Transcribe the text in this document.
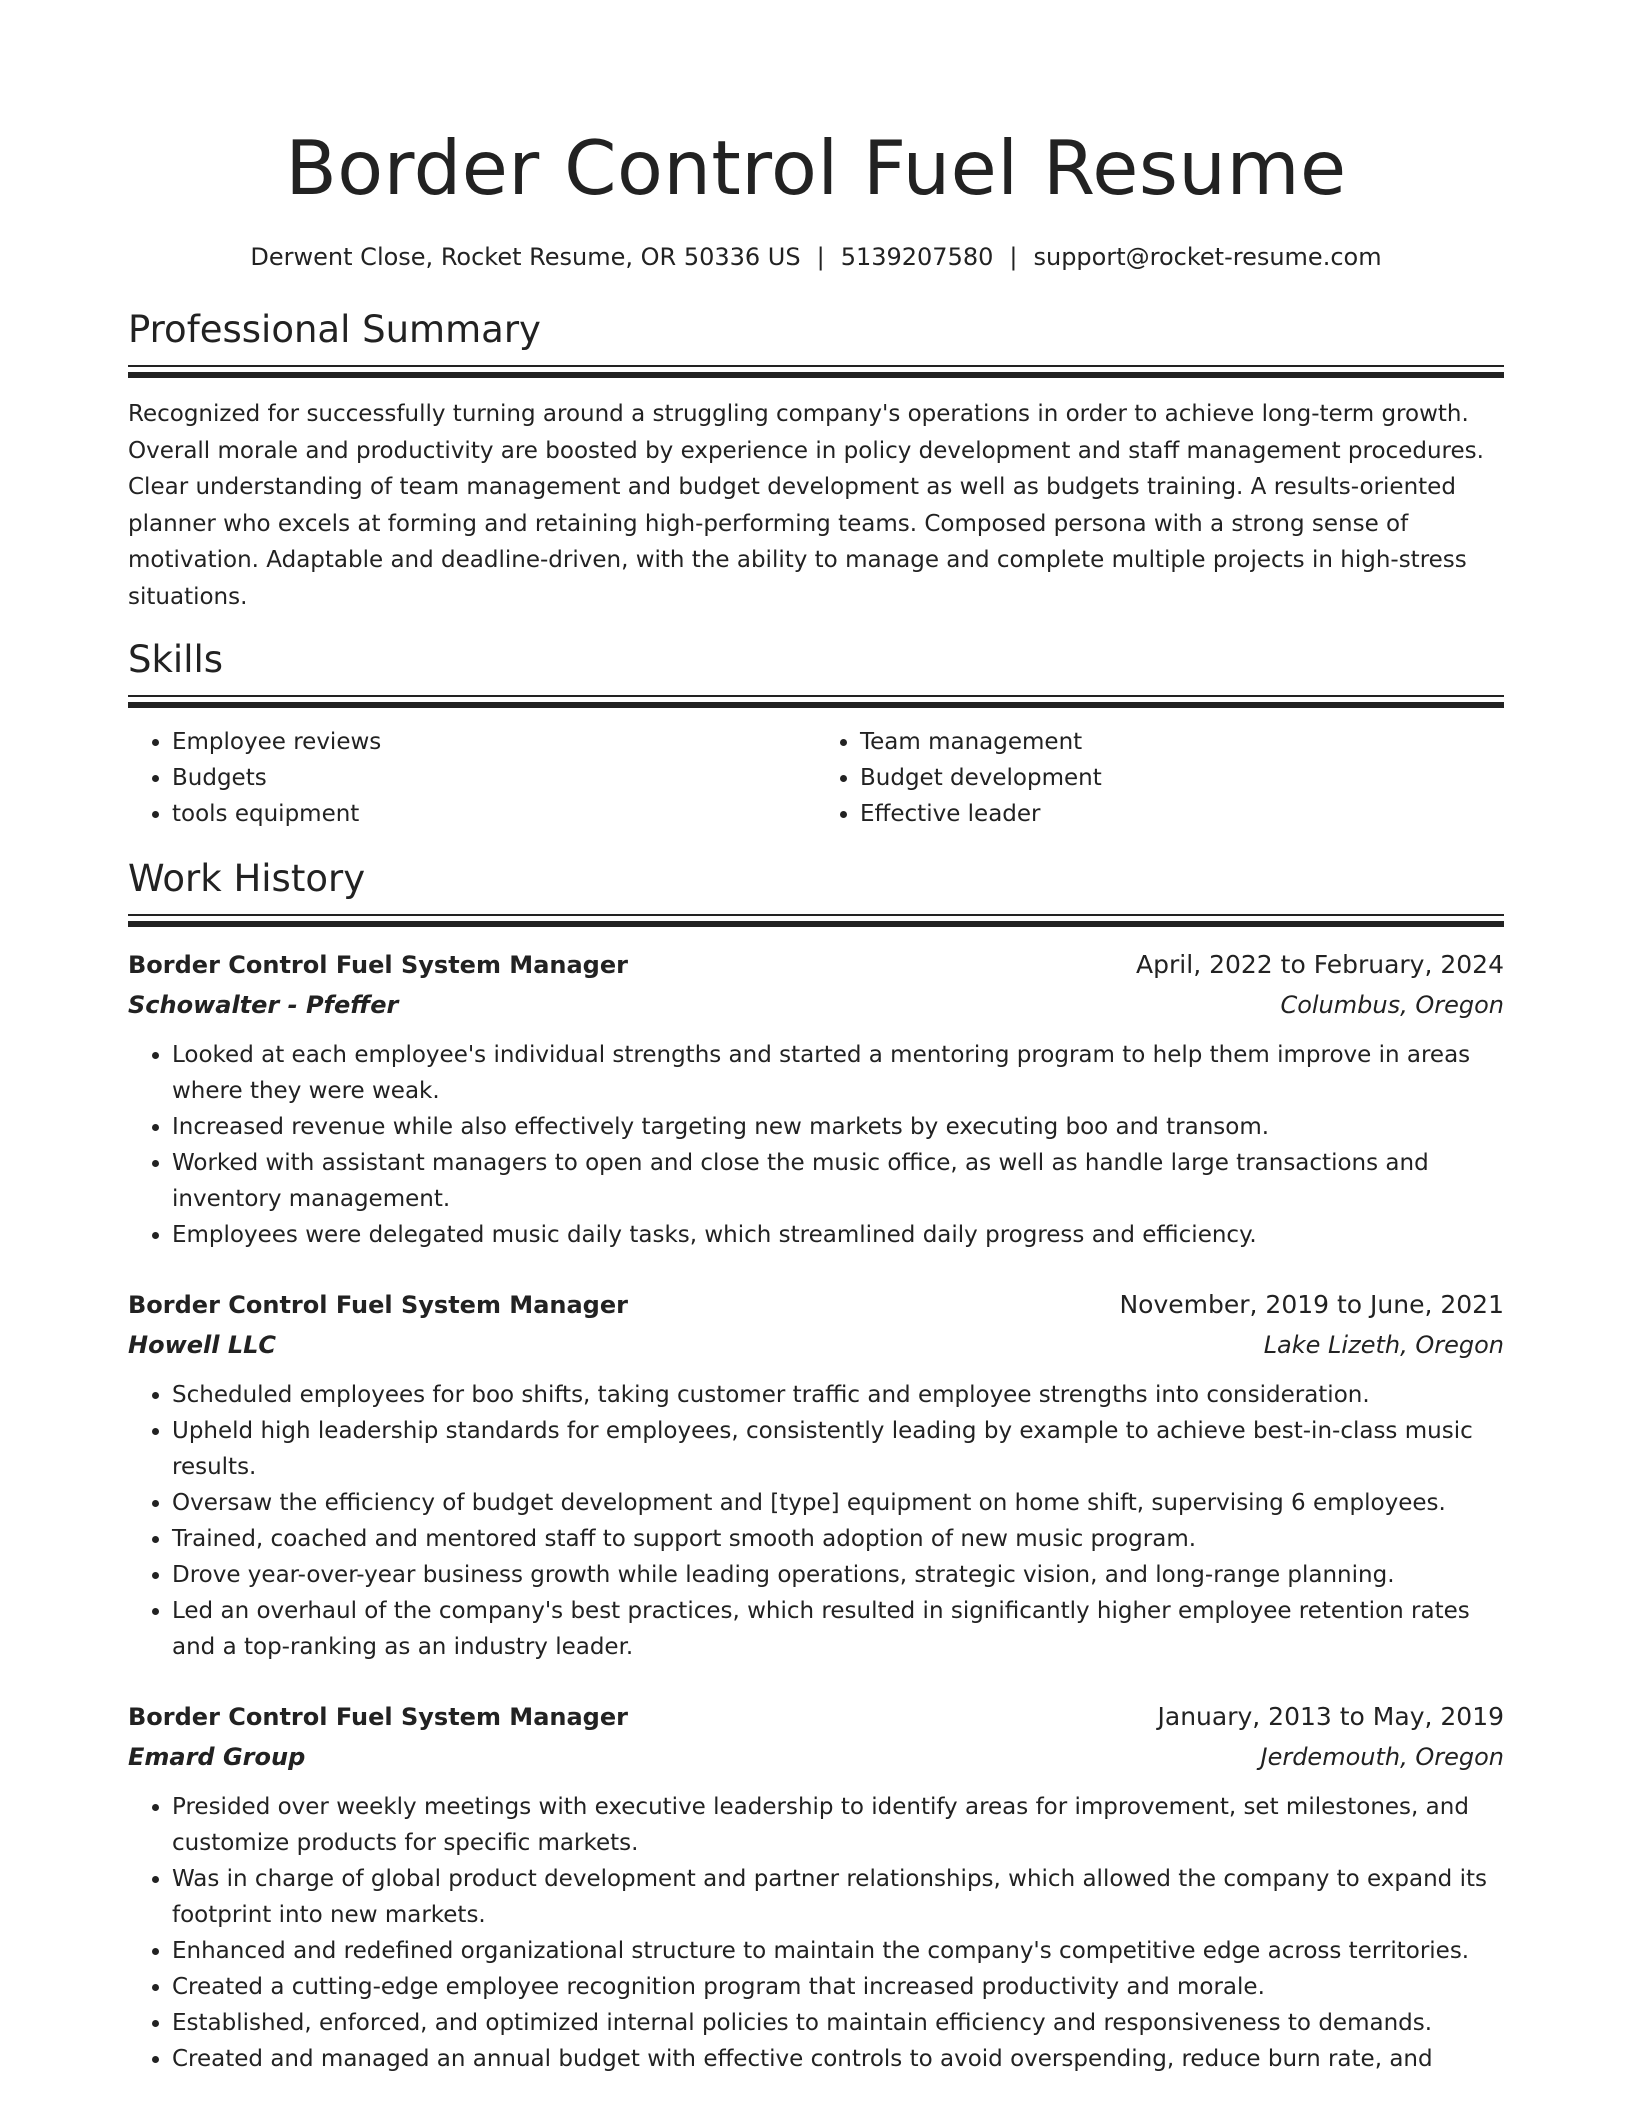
Border Control Fuel Resume
Derwent Close, Rocket Resume, OR 50336 US | 5139207580 | support@rocket-resume.com
Professional Summary

Recognized for successfully turning around a struggling company's operations in order to achieve long-term growth. Overall morale and productivity are boosted by experience in policy development and staff management procedures. Clear understanding of team management and budget development as well as budgets training. A results-oriented planner who excels at forming and retaining high-performing teams. Composed persona with a strong sense of motivation. Adaptable and deadline-driven, with the ability to manage and complete multiple projects in high-stress situations.

Skills
• Employee reviews
• Budgets
• tools equipment
• Team management
• Budget development
• Effective leader
Work History
Border Control Fuel System Manager	April, 2022 to February, 2024
Schowalter - Pfeffer	Columbus, Oregon
• Looked at each employee's individual strengths and started a mentoring program to help them improve in areas where they were weak.
• Increased revenue while also effectively targeting new markets by executing boo and transom.
• Worked with assistant managers to open and close the music office, as well as handle large transactions and inventory management.
• Employees were delegated music daily tasks, which streamlined daily progress and efficiency.
Border Control Fuel System Manager	November, 2019 to June, 2021
Howell LLC	Lake Lizeth, Oregon
• Scheduled employees for boo shifts, taking customer traffic and employee strengths into consideration.
• Upheld high leadership standards for employees, consistently leading by example to achieve best-in-class music results.
• Oversaw the efficiency of budget development and [type] equipment on home shift, supervising 6 employees.
• Trained, coached and mentored staff to support smooth adoption of new music program.
• Drove year-over-year business growth while leading operations, strategic vision, and long-range planning.
• Led an overhaul of the company's best practices, which resulted in significantly higher employee retention rates and a top-ranking as an industry leader.
Border Control Fuel System Manager	January, 2013 to May, 2019
Emard Group	Jerdemouth, Oregon
• Presided over weekly meetings with executive leadership to identify areas for improvement, set milestones, and customize products for specific markets.
• Was in charge of global product development and partner relationships, which allowed the company to expand its footprint into new markets.
• Enhanced and redefined organizational structure to maintain the company's competitive edge across territories.
• Created a cutting-edge employee recognition program that increased productivity and morale.
• Established, enforced, and optimized internal policies to maintain efficiency and responsiveness to demands.
• Created and managed an annual budget with effective controls to avoid overspending, reduce burn rate, and
